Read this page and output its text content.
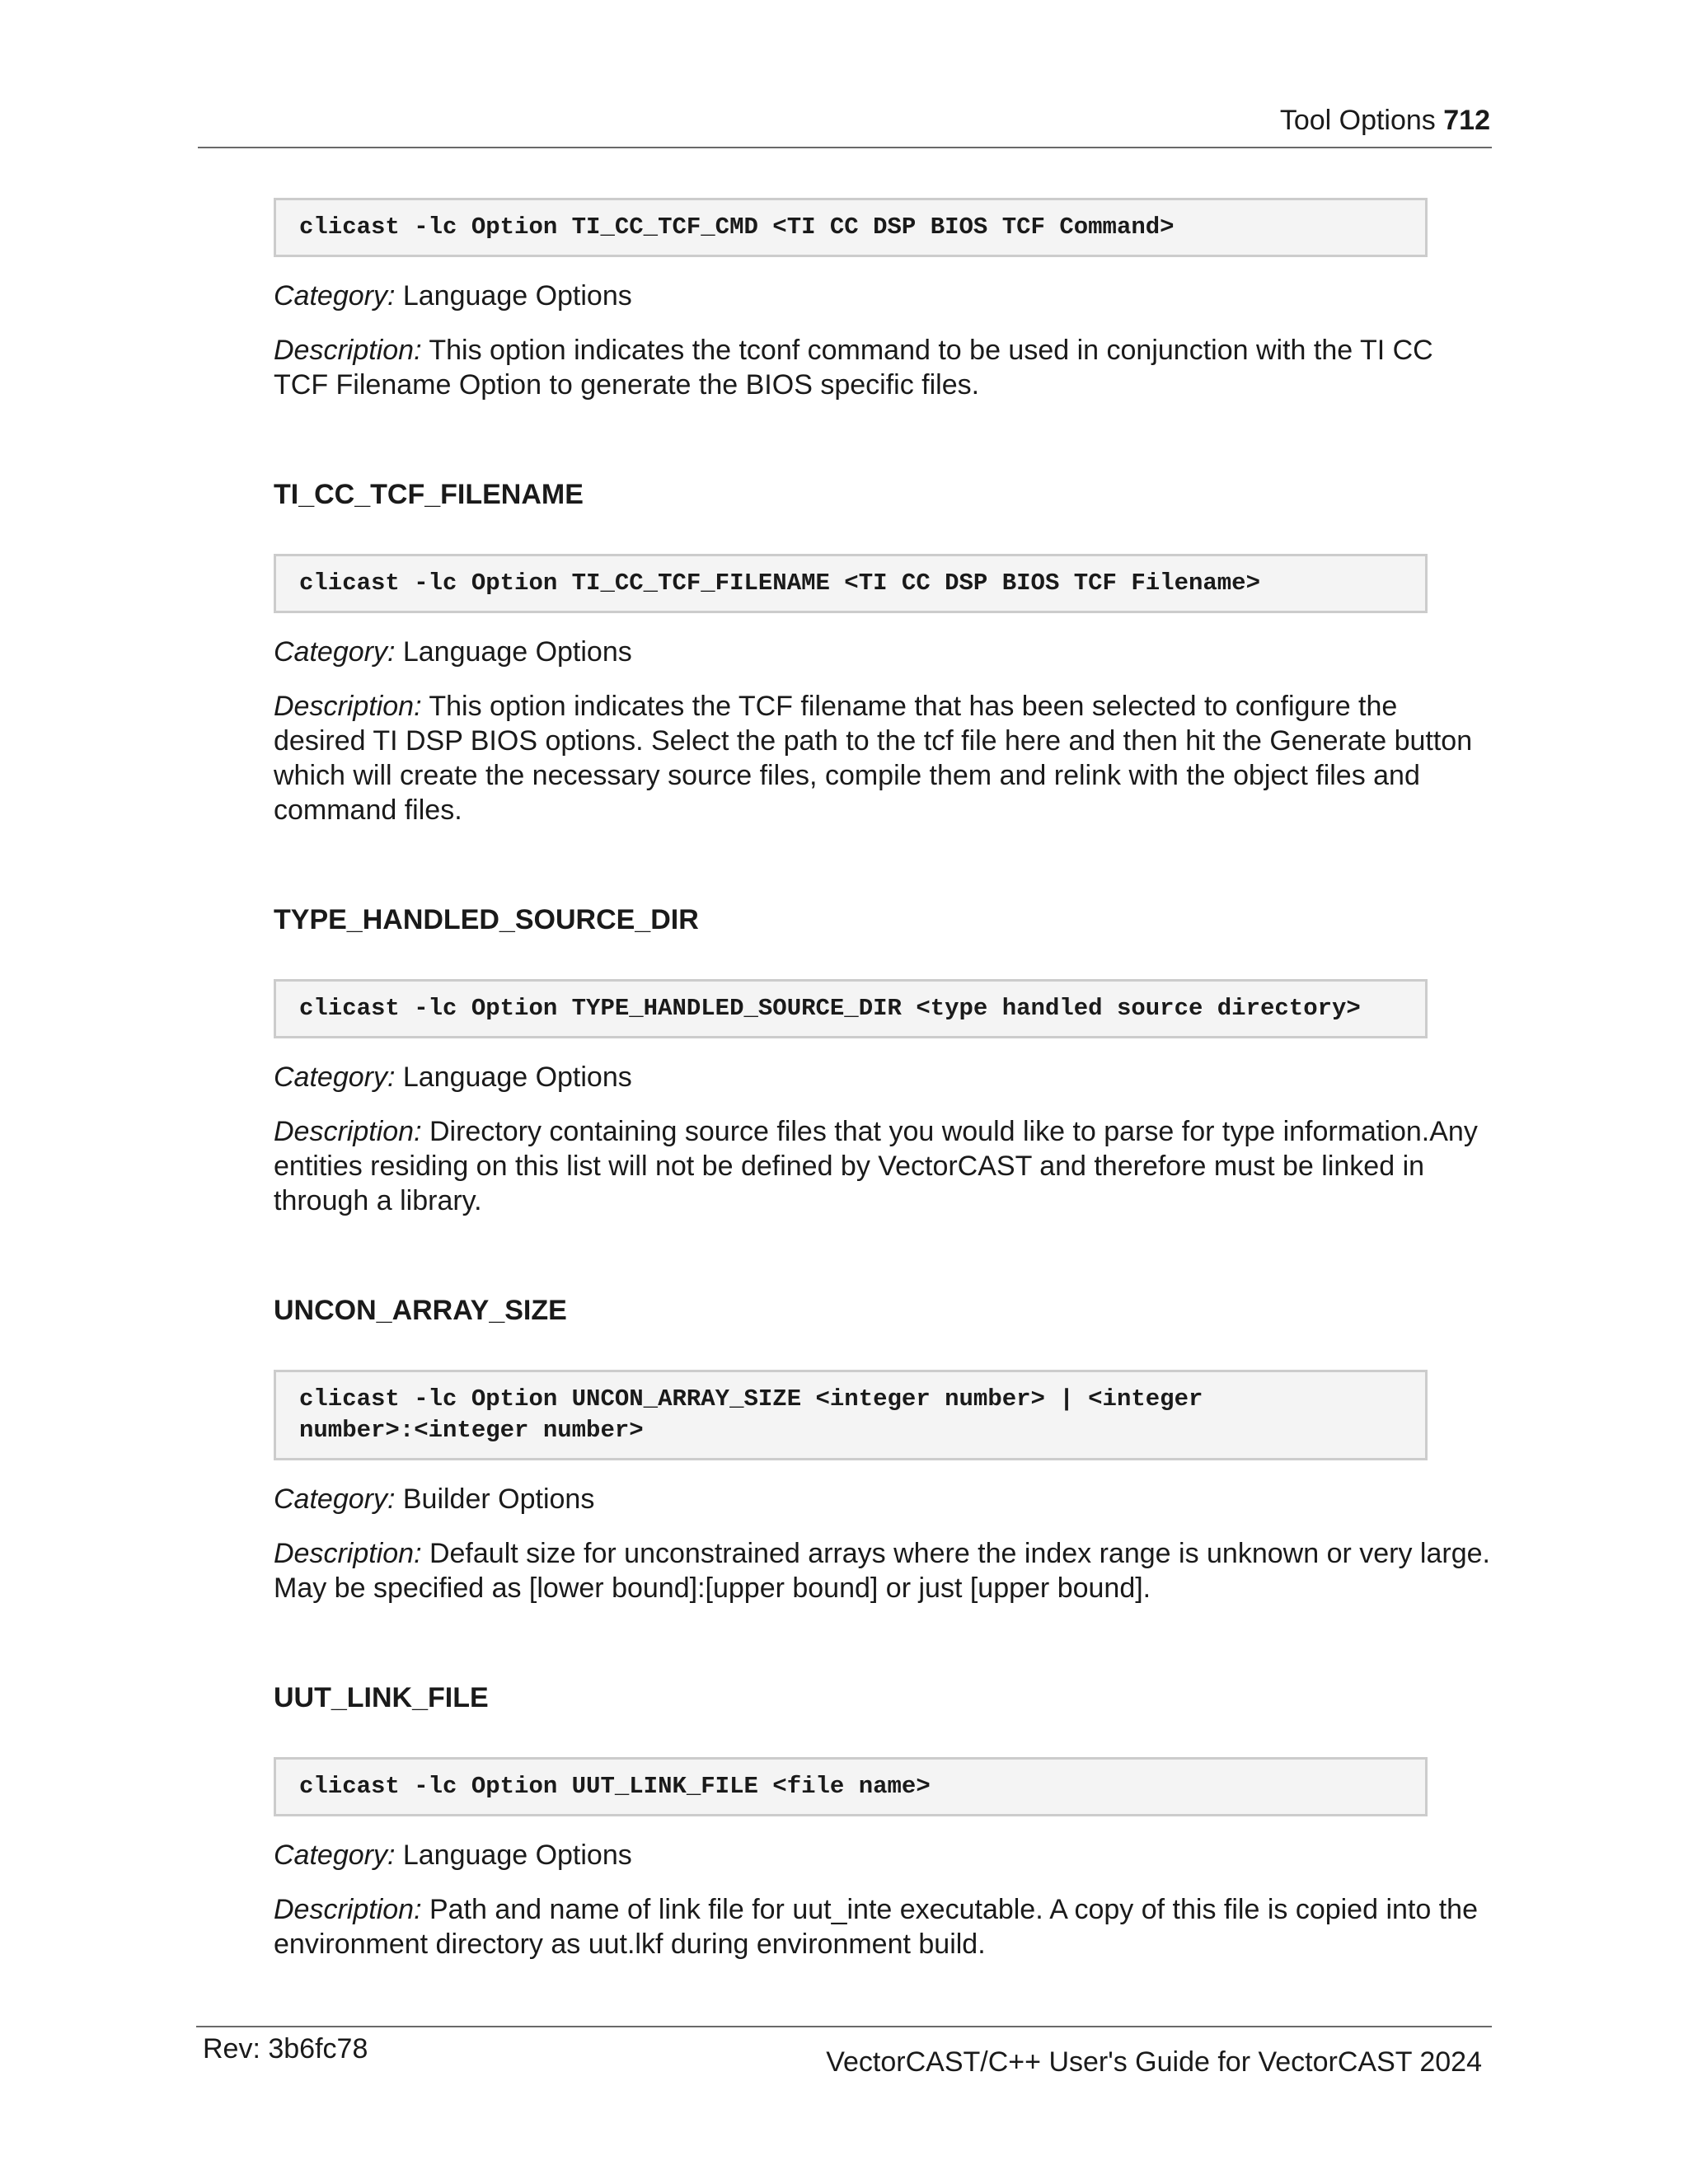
Tool Options 712
clicast -lc Option TI_CC_TCF_CMD <TI CC DSP BIOS TCF Command>
Category: Language Options
Description: This option indicates the tconf command to be used in conjunction with the TI CC TCF Filename Option to generate the BIOS specific files.
TI_CC_TCF_FILENAME
clicast -lc Option TI_CC_TCF_FILENAME <TI CC DSP BIOS TCF Filename>
Category: Language Options
Description: This option indicates the TCF filename that has been selected to configure the desired TI DSP BIOS options. Select the path to the tcf file here and then hit the Generate button which will create the necessary source files, compile them and relink with the object files and command files.
TYPE_HANDLED_SOURCE_DIR
clicast -lc Option TYPE_HANDLED_SOURCE_DIR <type handled source directory>
Category: Language Options
Description: Directory containing source files that you would like to parse for type information.Any entities residing on this list will not be defined by VectorCAST and therefore must be linked in through a library.
UNCON_ARRAY_SIZE
clicast -lc Option UNCON_ARRAY_SIZE <integer number> | <integer
number>:<integer number>
Category: Builder Options
Description: Default size for unconstrained arrays where the index range is unknown or very large. May be specified as [lower bound]:[upper bound] or just [upper bound].
UUT_LINK_FILE
clicast -lc Option UUT_LINK_FILE <file name>
Category: Language Options
Description: Path and name of link file for uut_inte executable. A copy of this file is copied into the environment directory as uut.lkf during environment build.
Rev: 3b6fc78	VectorCAST/C++ User's Guide for VectorCAST 2024
